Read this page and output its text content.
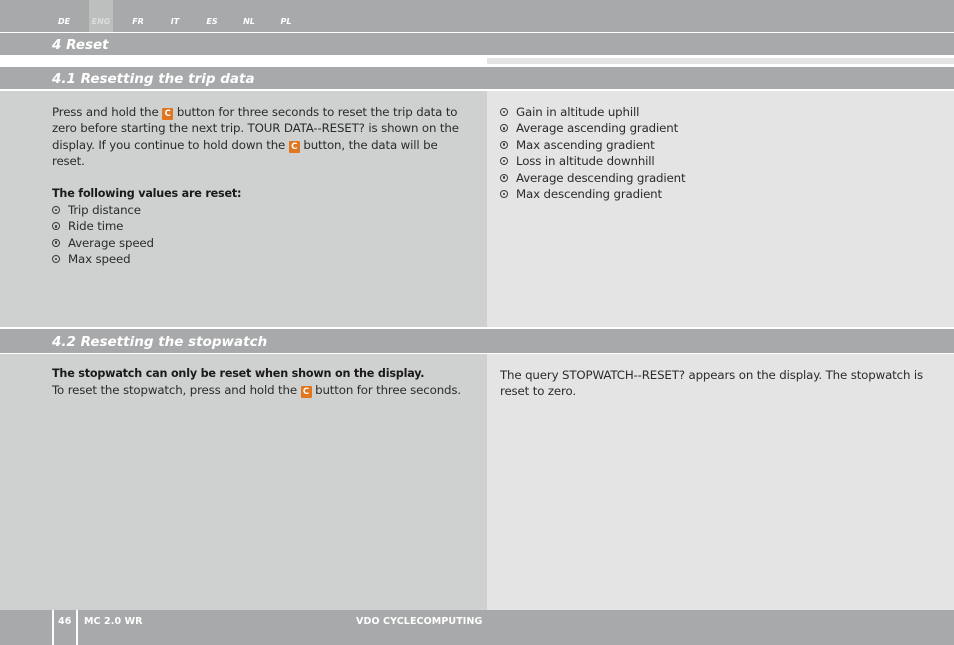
DE	ENG	FR	IT	ES	NL	PL
4 Reset
4.1 Resetting the trip data
Press and hold the C button for three seconds to reset the trip data to zero before starting the next trip. TOUR DATA--RESET? is shown on the display. If you continue to hold down the C button, the data will be reset.
The following values are reset:
Trip distance
Ride time
Average speed
Max speed
Gain in altitude uphill
Average ascending gradient
Max ascending gradient
Loss in altitude downhill
Average descending gradient
Max descending gradient
4.2 Resetting the stopwatch
The stopwatch can only be reset when shown on the display.
To reset the stopwatch, press and hold the C button for three seconds.
The query STOPWATCH--RESET? appears on the display. The stopwatch is reset to zero.
46 MC 2.0 WR	VDO CYCLECOMPUTING
